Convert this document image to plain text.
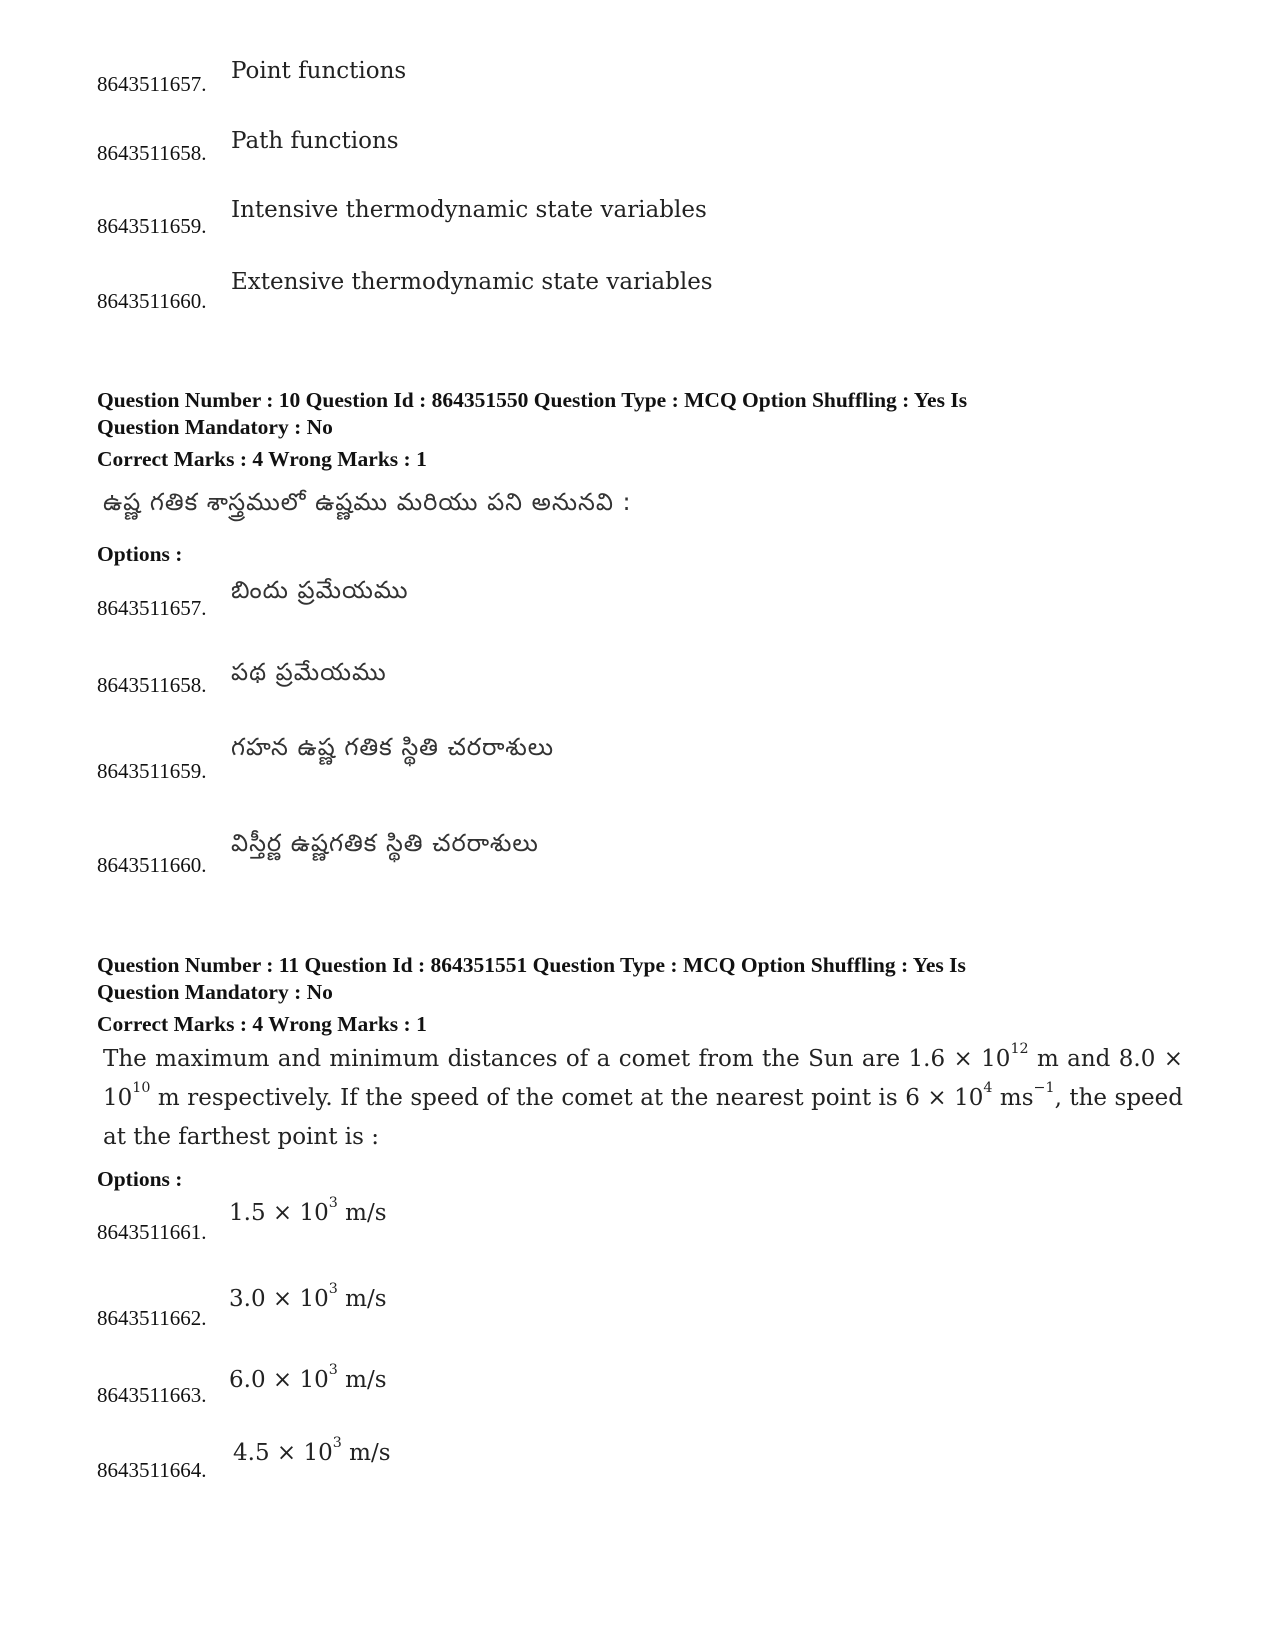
8643511657. Point functions
8643511658. Path functions
8643511659.
Intensive thermodynamic state variables
8643511660.
Extensive thermodynamic state variables
Question Number : 10 Question Id : 864351550 Question Type : MCQ Option Shuffling : Yes Is
Question Mandatory : No
Correct Marks : 4 Wrong Marks : 1
ఉష్ణ గతిక శాస్త్రములో ఉష్ణము మరియు పని అనునవి :
Options :
8643511657.
బిందు ప్రమేయము
8643511658. పథ ప్రమేయము
8643511659.
గహన ఉష్ణ గతిక స్థితి చరరాశులు
8643511660.
విస్తీర్ణ ఉష్ణగతిక స్థితి చరరాశులు
Question Number : 11 Question Id : 864351551 Question Type : MCQ Option Shuffling : Yes Is
Question Mandatory : No
Correct Marks : 4 Wrong Marks : 1
The maximum and minimum distances of a comet from the Sun are $1.6 \times 10^{12}$ m and $8.0 \times 10^{10}$ m respectively. If the speed of the comet at the nearest point is $6 \times 10^4$ $ms^{-1}$, the speed at the farthest point is :
Options :
8643511661.
$1.5 \times 10^3$ m/s
8643511662.
$3.0 \times 10^3$ m/s
8643511663.
$6.0 \times 10^3$ m/s
8643511664.
$4.5 \times 10^3$ m/s
